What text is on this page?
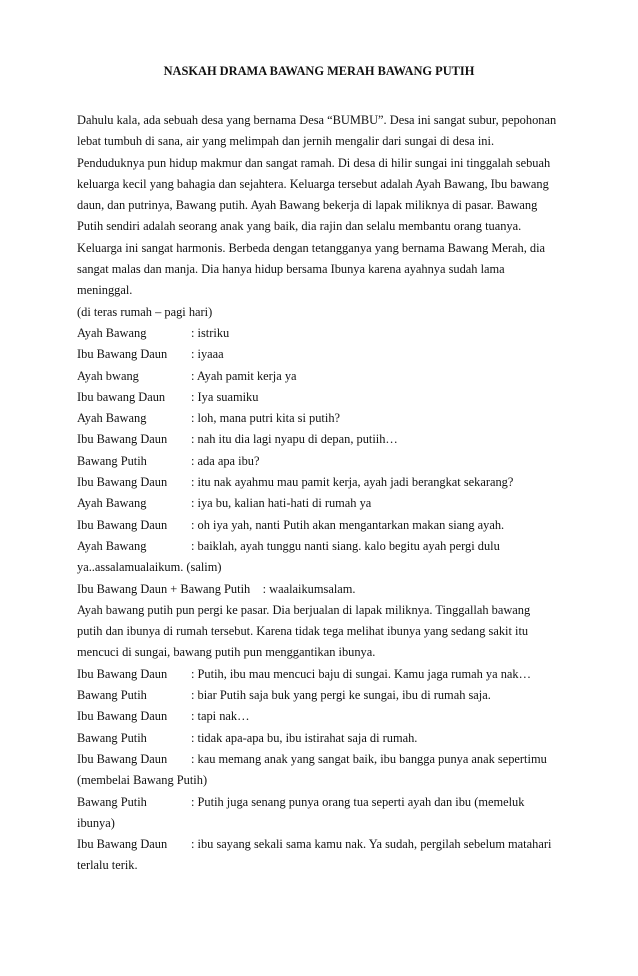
NASKAH DRAMA BAWANG MERAH BAWANG PUTIH
Dahulu kala, ada sebuah desa yang bernama Desa “BUMBU”. Desa ini sangat subur, pepohonan
lebat tumbuh di sana, air yang melimpah dan jernih mengalir dari sungai di desa ini.
Penduduknya pun hidup makmur dan sangat ramah. Di desa di hilir sungai ini tinggalah sebuah
keluarga kecil yang bahagia dan sejahtera. Keluarga tersebut adalah Ayah Bawang, Ibu bawang
daun, dan putrinya, Bawang putih. Ayah Bawang bekerja di lapak miliknya di pasar. Bawang
Putih sendiri adalah seorang anak yang baik, dia rajin dan selalu membantu orang tuanya.
Keluarga ini sangat harmonis. Berbeda dengan tetangganya yang bernama Bawang Merah, dia
sangat malas dan manja. Dia hanya hidup bersama Ibunya karena ayahnya sudah lama
meninggal.
(di teras rumah – pagi hari)
Ayah Bawang	: istriku
Ibu Bawang Daun : iyaaa
Ayah bwang	: Ayah pamit kerja ya
Ibu bawang Daun : Iya suamiku
Ayah Bawang	: loh, mana putri kita si putih?
Ibu Bawang Daun : nah itu dia lagi nyapu di depan, putiih…
Bawang Putih	: ada apa ibu?
Ibu Bawang Daun : itu nak ayahmu mau pamit kerja, ayah jadi berangkat sekarang?
Ayah Bawang	: iya bu, kalian hati-hati di rumah ya
Ibu Bawang Daun : oh iya yah, nanti Putih akan mengantarkan makan siang ayah.
Ayah Bawang	: baiklah, ayah tunggu nanti siang. kalo begitu ayah pergi dulu
ya..assalamualaikum. (salim)
Ibu Bawang Daun + Bawang Putih    : waalaikumsalam.
Ayah bawang putih pun pergi ke pasar. Dia berjualan di lapak miliknya. Tinggallah bawang
putih dan ibunya di rumah tersebut. Karena tidak tega melihat ibunya yang sedang sakit itu
mencuci di sungai, bawang putih pun menggantikan ibunya.
Ibu Bawang Daun : Putih, ibu mau mencuci baju di sungai. Kamu jaga rumah ya nak…
Bawang Putih	: biar Putih saja buk yang pergi ke sungai, ibu di rumah saja.
Ibu Bawang Daun : tapi nak…
Bawang Putih	: tidak apa-apa bu, ibu istirahat saja di rumah.
Ibu Bawang Daun : kau memang anak yang sangat baik, ibu bangga punya anak sepertimu
(membelai Bawang Putih)
Bawang Putih	: Putih juga senang punya orang tua seperti ayah dan ibu (memeluk
ibunya)
Ibu Bawang Daun : ibu sayang sekali sama kamu nak. Ya sudah, pergilah sebelum matahari
terlalu terik.
